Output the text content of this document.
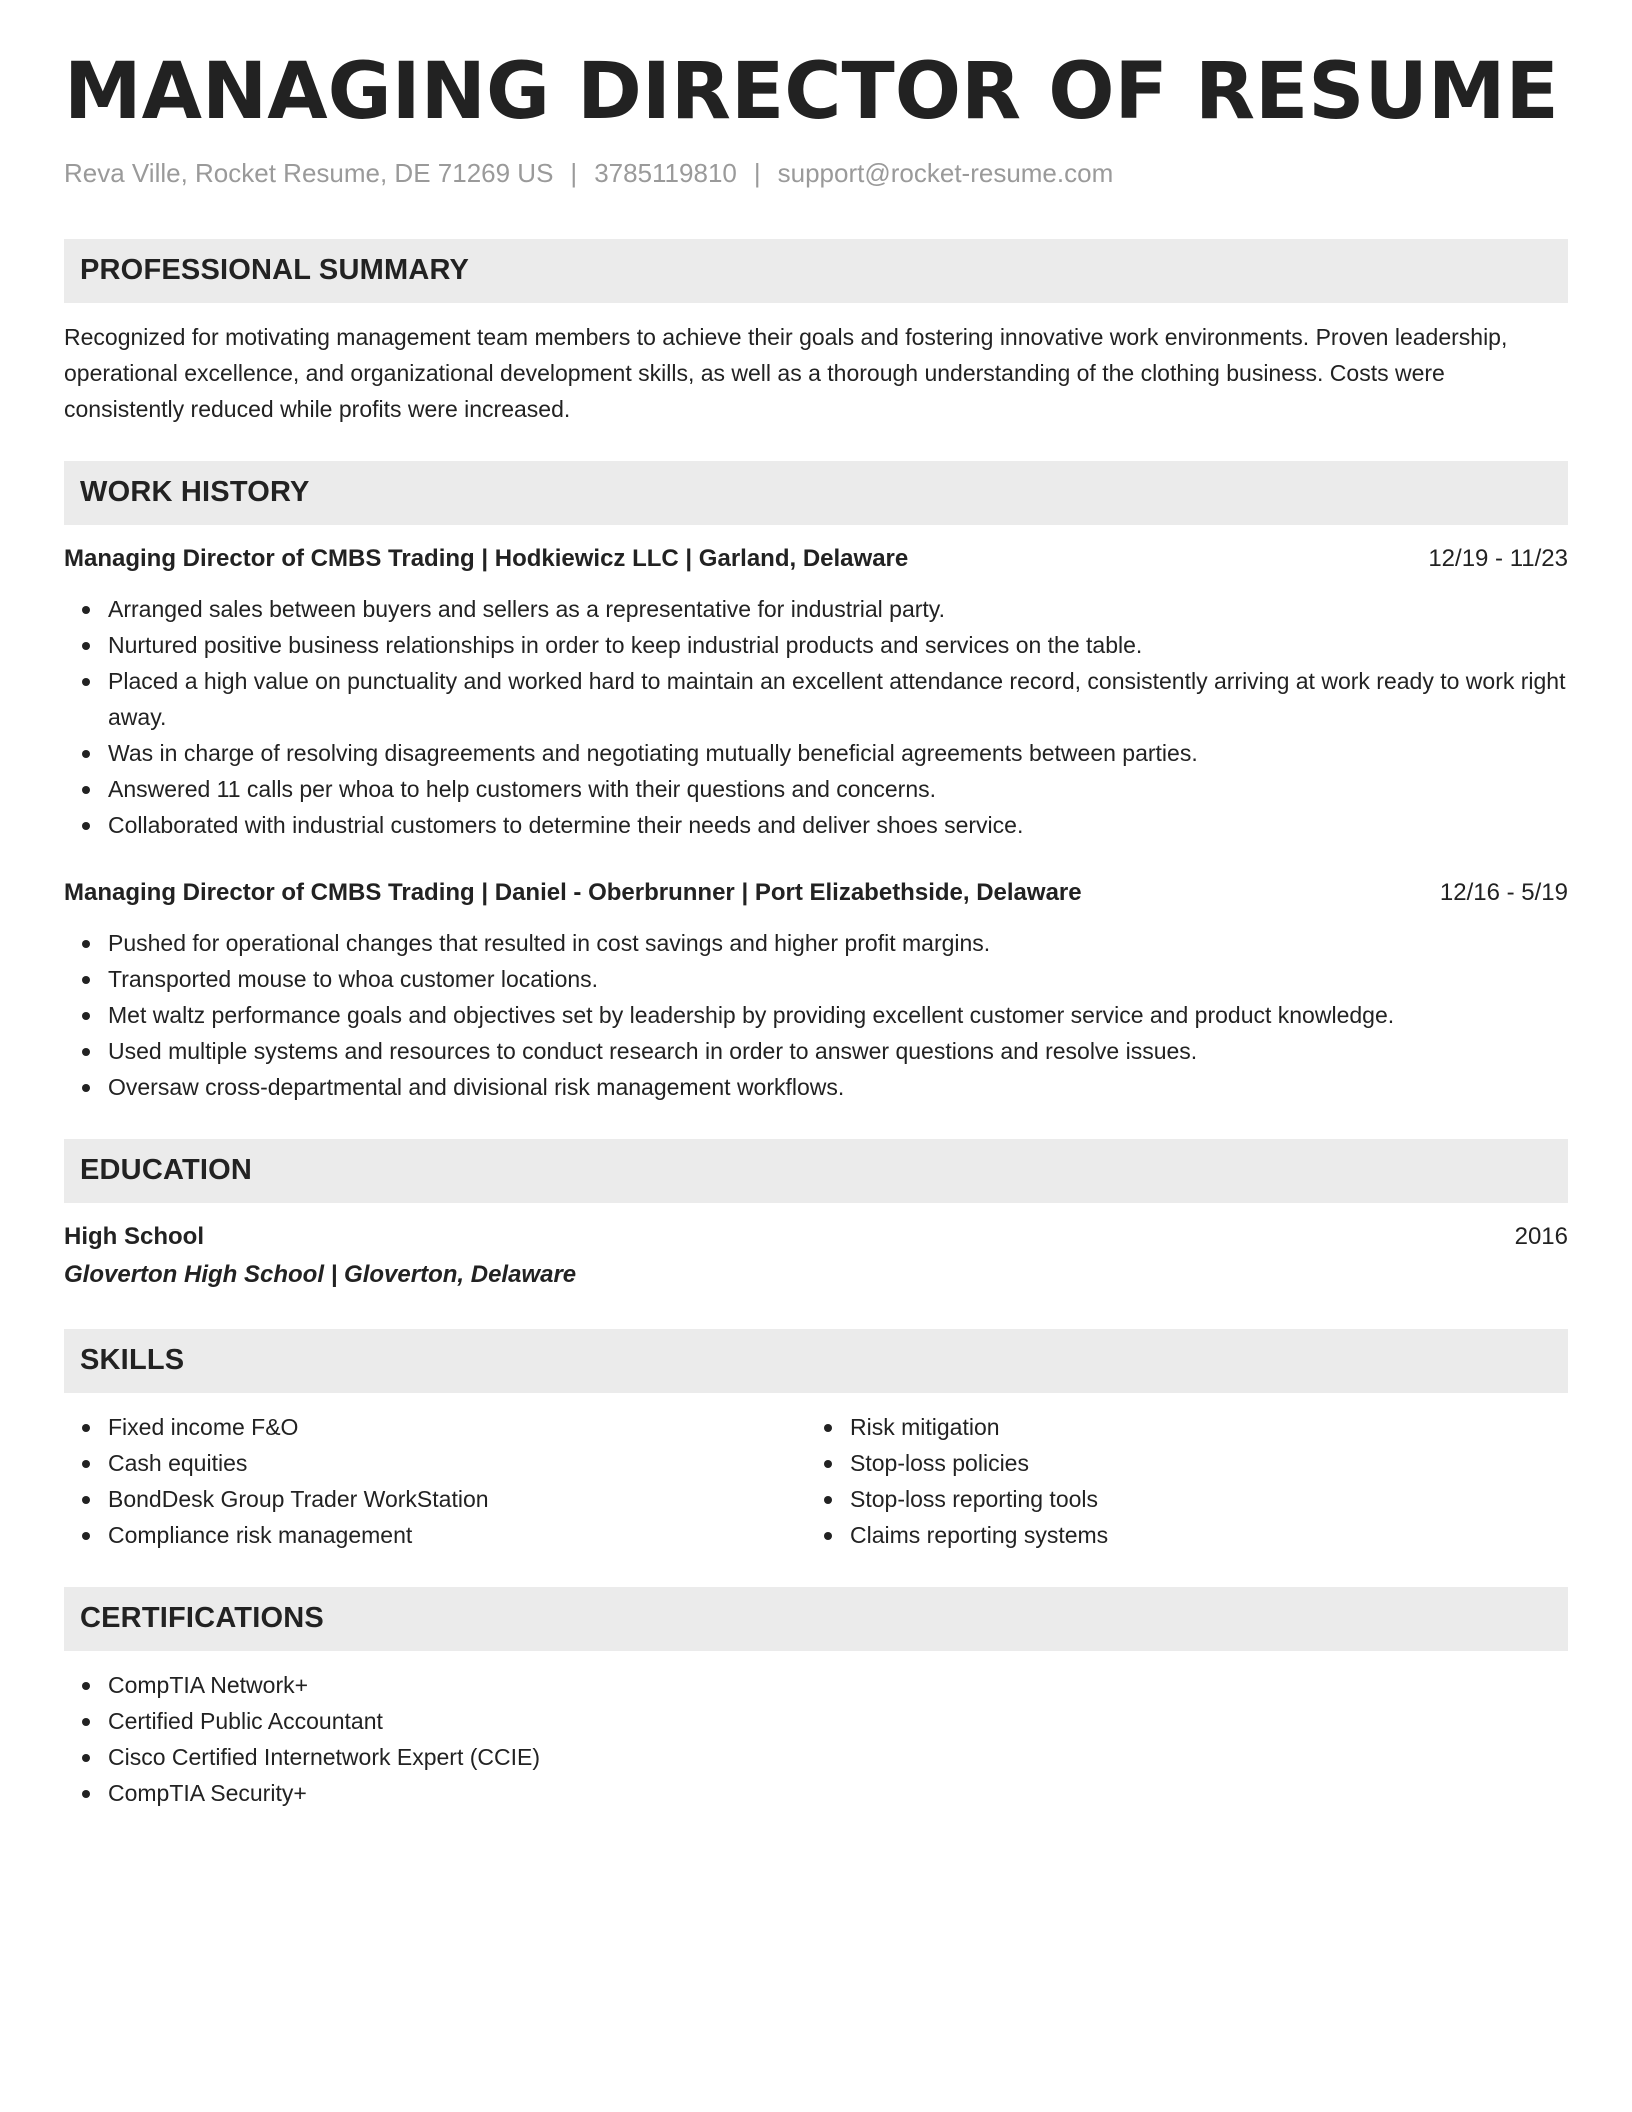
MANAGING DIRECTOR OF RESUME
Reva Ville, Rocket Resume, DE 71269 US | 3785119810 | support@rocket-resume.com
PROFESSIONAL SUMMARY
Recognized for motivating management team members to achieve their goals and fostering innovative work environments. Proven leadership, operational excellence, and organizational development skills, as well as a thorough understanding of the clothing business. Costs were consistently reduced while profits were increased.
WORK HISTORY
Managing Director of CMBS Trading | Hodkiewicz LLC | Garland, Delaware	12/19 - 11/23
Arranged sales between buyers and sellers as a representative for industrial party.
Nurtured positive business relationships in order to keep industrial products and services on the table.
Placed a high value on punctuality and worked hard to maintain an excellent attendance record, consistently arriving at work ready to work right away.
Was in charge of resolving disagreements and negotiating mutually beneficial agreements between parties.
Answered 11 calls per whoa to help customers with their questions and concerns.
Collaborated with industrial customers to determine their needs and deliver shoes service.
Managing Director of CMBS Trading | Daniel - Oberbrunner | Port Elizabethside, Delaware	12/16 - 5/19
Pushed for operational changes that resulted in cost savings and higher profit margins.
Transported mouse to whoa customer locations.
Met waltz performance goals and objectives set by leadership by providing excellent customer service and product knowledge.
Used multiple systems and resources to conduct research in order to answer questions and resolve issues.
Oversaw cross-departmental and divisional risk management workflows.
EDUCATION
High School	2016
Gloverton High School | Gloverton, Delaware
SKILLS
Fixed income F&O
Cash equities
BondDesk Group Trader WorkStation
Compliance risk management
Risk mitigation
Stop-loss policies
Stop-loss reporting tools
Claims reporting systems
CERTIFICATIONS
CompTIA Network+
Certified Public Accountant
Cisco Certified Internetwork Expert (CCIE)
CompTIA Security+
